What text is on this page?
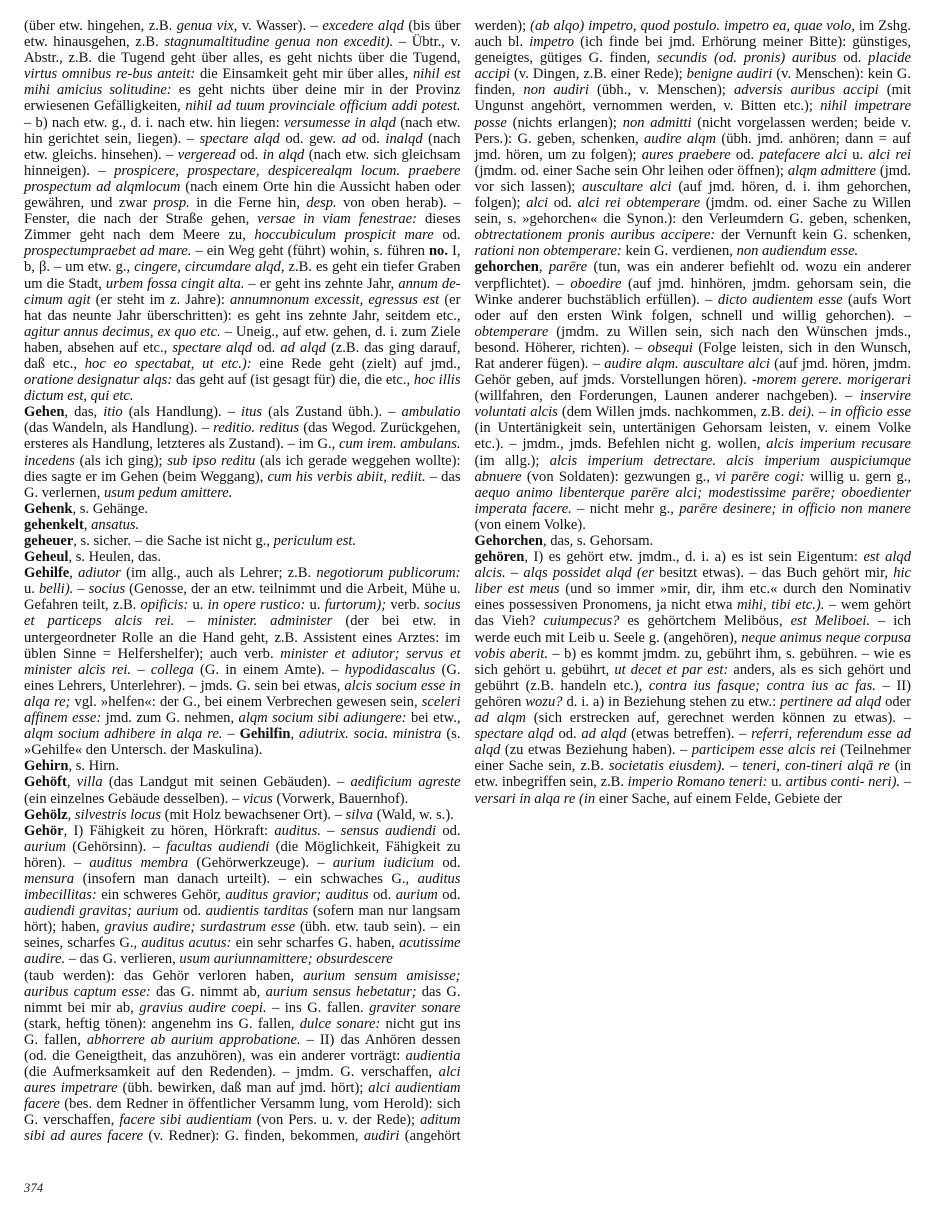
(über etw. hingehen, z.B. genua vix, v. Wasser). – excedere alqd (bis über etw. hinausgehen, z.B. stagnumaltitudine genua non excedit). – Übtr., v. Abstr., z.B. die Tugend geht über alles, es geht nichts über die Tugend, virtus omnibus re-bus anteit: die Einsamkeit geht mir über alles, nihil est mihi amicius solitudine: es geht nichts über deine mir in der Provinz erwiesenen Gefälligkeiten, nihil ad tuum provinciale officium addi potest. – b) nach etw. g., d. i. nach etw. hin liegen: versumesse in alqd (nach etw. hin gerichtet sein, liegen). – spectare alqd od. gew. ad od. inalqd (nach etw. gleichs. hinsehen). – vergeread od. in alqd (nach etw. sich gleichsam hinneigen). – prospicere, prospectare, despicerealqm locum. praebere prospectum ad alqmlocum (nach einem Orte hin die Aussicht haben oder gewähren, und zwar prosp. in die Ferne hin, desp. von oben herab). – Fenster, die nach der Straße gehen, versae in viam fenestrae: dieses Zimmer geht nach dem Meere zu, hoccubiculum prospicit mare od. prospectumpraebet ad mare. – ein Weg geht (führt) wohin, s. führen no. I, b, β. – um etw. g., cingere, circumdare alqd, z.B. es geht ein tiefer Graben um die Stadt, urbem fossa cingit alta. – er geht ins zehnte Jahr, annum de-cimum agit (er steht im z. Jahre): annumnonum excessit, egressus est (er hat das neunte Jahr überschritten): es geht ins zehnte Jahr, seitdem etc., agitur annus decimus, ex quo etc. – Uneig., auf etw. gehen, d. i. zum Ziele haben, absehen auf etc., spectare alqd od. ad alqd (z.B. das ging darauf, daß etc., hoc eo spectabat, ut etc.): eine Rede geht (zielt) auf jmd., oratione designatur alqs: das geht auf (ist gesagt für) die, die etc., hoc illis dictum est, qui etc.
Gehen, das, itio (als Handlung). – itus (als Zustand übh.). – ambulatio (das Wandeln, als Handlung). – reditio. reditus (das Wegod. Zurückgehen, ersteres als Handlung, letzteres als Zustand). – im G., cum irem. ambulans. incedens (als ich ging); sub ipso reditu (als ich gerade weggehen wollte): dies sagte er im Gehen (beim Weggang), cum his verbis abiit, rediit. – das G. verlernen, usum pedum amittere.
Gehenk, s. Gehänge.
gehenkelt, ansatus.
geheuer, s. sicher. – die Sache ist nicht g., periculum est.
Geheul, s. Heulen, das.
Gehilfe, adiutor (im allg., auch als Lehrer; z.B. negotiorum publicorum: u. belli). – socius (Genosse, der an etw. teilnimmt und die Arbeit, Mühe u. Gefahren teilt, z.B. opificis: u. in opere rustico: u. furtorum); verb. socius et particeps alcis rei. – minister. administer (der bei etw. in untergeordneter Rolle an die Hand geht, z.B. Assistent eines Arztes: im üblen Sinne = Helfershelfer); auch verb. minister et adiutor; servus et minister alcis rei. – collega (G. in einem Amte). – hypodidascalus (G. eines Lehrers, Unterlehrer). – jmds. G. sein bei etwas, alcis socium esse in alqa re; vgl. »helfen«: der G., bei einem Verbrechen gewesen sein, sceleri affinem esse: jmd. zum G. nehmen, alqm socium sibi adiungere: bei etw., alqm socium adhibere in alqa re. – Gehilfin, adiutrix. socia. ministra (s. »Gehilfe« den Untersch. der Maskulina).
Gehirn, s. Hirn.
Gehöft, villa (das Landgut mit seinen Gebäuden). – aedificium agreste (ein einzelnes Gebäude desselben). – vicus (Vorwerk, Bauernhof).
Gehölz, silvestris locus (mit Holz bewachsener Ort). – silva (Wald, w. s.).
Gehör, I) Fähigkeit zu hören, Hörkraft: auditus. – sensus audiendi od. aurium (Gehörsinn). – facultas audiendi (die Möglichkeit, Fähigkeit zu hören). – auditus membra (Gehörwerkzeuge). – aurium iudicium od. mensura (insofern man danach urteilt). – ein schwaches G., auditus imbecillitas: ein schweres Gehör, auditus gravior; auditus od. aurium od. audiendi gravitas; aurium od. audientis tarditas (sofern man nur langsam hört); haben, gravius audire; surdastrum esse (übh. etw. taub sein). – ein seines, scharfes G., auditus acutus: ein sehr scharfes G. haben, acutissime audire. – das G. verlieren, usum auriunnamittere; obsurdescere
(taub werden): das Gehör verloren haben, aurium sensum amisisse; auribus captum esse: das G. nimmt ab, aurium sensus hebetatur; das G. nimmt bei mir ab, gravius audire coepi. – ins G. fallen. graviter sonare (stark, heftig tönen): angenehm ins G. fallen, dulce sonare: nicht gut ins G. fallen, abhorrere ab aurium approbatione. – II) das Anhören dessen (od. die Geneigtheit, das anzuhören), was ein anderer vorträgt: audientia (die Aufmerksamkeit auf den Redenden). – jmdm. G. verschaffen, alci aures impetrare (übh. bewirken, daß man auf jmd. hört); alci audientiam facere (bes. dem Redner in öffentlicher Versamm lung, vom Herold): sich G. verschaffen, facere sibi audientiam (von Pers. u. v. der Rede); aditum sibi ad aures facere (v. Redner): G. finden, bekommen, audiri (angehört werden); (ab alqo) impetro, quod postulo. impetro ea, quae volo, im Zshg. auch bl. impetro (ich finde bei jmd. Erhörung meiner Bitte): günstiges, geneigtes, gütiges G. finden, secundis (od. pronis) auribus od. placide accipi (v. Dingen, z.B. einer Rede); benigne audiri (v. Menschen): kein G. finden, non audiri (übh., v. Menschen); adversis auribus accipi (mit Ungunst angehört, vernommen werden, v. Bitten etc.); nihil impetrare posse (nichts erlangen); non admitti (nicht vorgelassen werden; beide v. Pers.): G. geben, schenken, audire alqm (übh. jmd. anhören; dann = auf jmd. hören, um zu folgen); aures praebere od. patefacere alci u. alci rei (jmdm. od. einer Sache sein Ohr leihen oder öffnen); alqm admittere (jmd. vor sich lassen); auscultare alci (auf jmd. hören, d. i. ihm gehorchen, folgen); alci od. alci rei obtemperare (jmdm. od. einer Sache zu Willen sein, s. »gehorchen« die Synon.): den Verleumdern G. geben, schenken, obtrectationem pronis auribus accipere: der Vernunft kein G. schenken, rationi non obtemperare: kein G. verdienen, non audiendum esse.
gehorchen, parēre (tun, was ein anderer befiehlt od. wozu ein anderer verpflichtet). – oboedire (auf jmd. hinhören, jmdm. gehorsam sein, die Winke anderer buchstäblich erfüllen). – dicto audientem esse (aufs Wort oder auf den ersten Wink folgen, schnell und willig gehorchen). – obtemperare (jmdm. zu Willen sein, sich nach den Wünschen jmds., besond. Höherer, richten). – obsequi (Folge leisten, sich in den Wunsch, Rat anderer fügen). – audire alqm. auscultare alci (auf jmd. hören, jmdm. Gehör geben, auf jmds. Vorstellungen hören). -morem gerere. morigerari (willfahren, den Forderungen, Launen anderer nachgeben). – inservire voluntati alcis (dem Willen jmds. nachkommen, z.B. dei). – in officio esse (in Untertänigkeit sein, untertänigen Gehorsam leisten, v. einem Volke etc.). – jmdm., jmds. Befehlen nicht g. wollen, alcis imperium recusare (im allg.); alcis imperium detrectare. alcis imperium auspiciumque abnuere (von Soldaten): gezwungen g., vi parēre cogi: willig u. gern g., aequo animo libenterque parēre alci; modestissime parēre; oboedienter imperata facere. – nicht mehr g., parēre desinere; in officio non manere (von einem Volke).
Gehorchen, das, s. Gehorsam.
gehören, I) es gehört etw. jmdm., d. i. a) es ist sein Eigentum: est alqd alcis. – alqs possidet alqd (er besitzt etwas). – das Buch gehört mir, hic liber est meus (und so immer »mir, dir, ihm etc.« durch den Nominativ eines possessiven Pronomens, ja nicht etwa mihi, tibi etc.). – wem gehört das Vieh? cuiumpecus? es gehörtchem Meliböus, est Meliboei. – ich werde euch mit Leib u. Seele g. (angehören), neque animus neque corpusa vobis aberit. – b) es kommt jmdm. zu, gebührt ihm, s. gebühren. – wie es sich gehört u. gebührt, ut decet et par est: anders, als es sich gehört und gebührt (z.B. handeln etc.), contra ius fasque; contra ius ac fas. – II) gehören wozu? d. i. a) in Beziehung stehen zu etw.: pertinere ad alqd oder ad alqm (sich erstrecken auf, gerechnet werden können zu etwas). – spectare alqd od. ad alqd (etwas betreffen). – referri, referendum esse ad alqd (zu etwas Beziehung haben). – participem esse alcis rei (Teilnehmer einer Sache sein, z.B. societatis eiusdem). – teneri, con-tineri alqā re (in etw. inbegriffen sein, z.B. imperio Romano teneri: u. artibus conti- neri). – versari in alqa re (in einer Sache, auf einem Felde, Gebiete der
374
